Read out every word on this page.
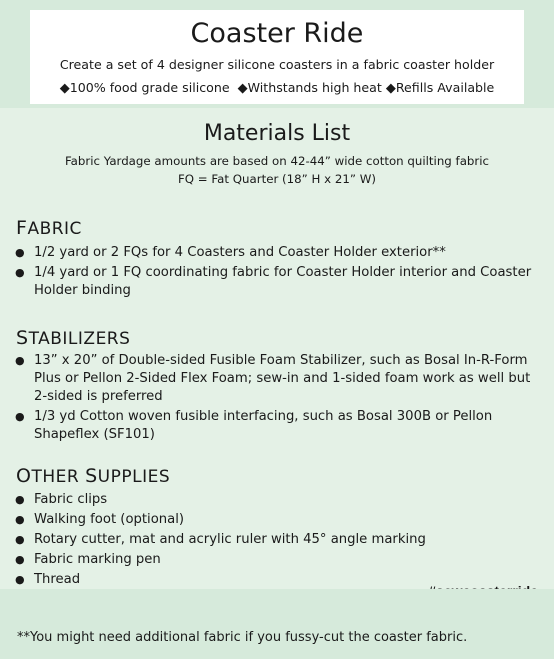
Coaster Ride
Create a set of 4 designer silicone coasters in a fabric coaster holder
◆100% food grade silicone ◆Withstands high heat ◆Refills Available
Materials List
Fabric Yardage amounts are based on 42-44” wide cotton quilting fabric
FQ = Fat Quarter (18” H x 21” W)
FABRIC
● 1/2 yard or 2 FQs for 4 Coasters and Coaster Holder exterior**
● 1/4 yard or 1 FQ coordinating fabric for Coaster Holder interior and Coaster Holder binding
STABILIZERS
● 13” x 20” of Double-sided Fusible Foam Stabilizer, such as Bosal In-R-Form Plus or Pellon 2-Sided Flex Foam; sew-in and 1-sided foam work as well but 2-sided is preferred
● 1/3 yd Cotton woven fusible interfacing, such as Bosal 300B or Pellon Shapeflex (SF101)
OTHER SUPPLIES
● Fabric clips
● Walking foot (optional)
● Rotary cutter, mat and acrylic ruler with 45° angle marking
● Fabric marking pen
● Thread
**You might need additional fabric if you fussy-cut the coaster fabric.
